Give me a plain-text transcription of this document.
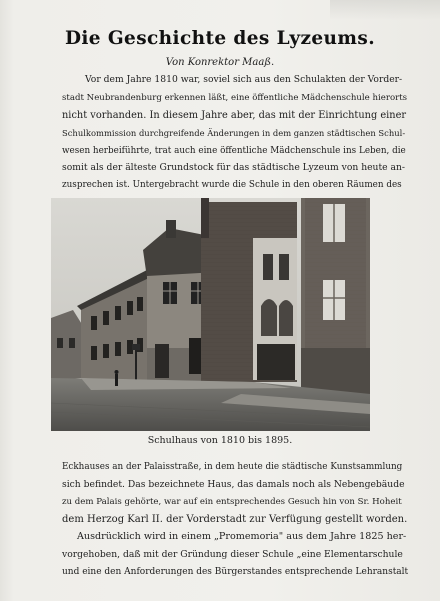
Die Geschichte des Lyzeums.
Von Konrektor Maaß.
Vor dem Jahre 1810 war, soviel sich aus den Schulakten der Vorder-
stadt Neubrandenburg erkennen läßt, eine öffentliche Mädchenschule hierorts
nicht vorhanden. In diesem Jahre aber, das mit der Einrichtung einer
Schulkommission durchgreifende Änderungen in dem ganzen städtischen Schul-
wesen herbeiführte, trat auch eine öffentliche Mädchenschule ins Leben, die
somit als der älteste Grundstock für das städtische Lyzeum von heute an-
zusprechen ist. Untergebracht wurde die Schule in den oberen Räumen des
Schulhaus von 1810 bis 1895.
Eckhauses an der Palaisstraße, in dem heute die städtische Kunstsammlung
sich befindet. Das bezeichnete Haus, das damals noch als Nebengebäude
zu dem Palais gehörte, war auf ein entsprechendes Gesuch hin von Sr. Hoheit
dem Herzog Karl II. der Vorderstadt zur Verfügung gestellt worden.
Ausdrücklich wird in einem „Promemoria" aus dem Jahre 1825 her-
vorgehoben, daß mit der Gründung dieser Schule „eine Elementarschule
und eine den Anforderungen des Bürgerstandes entsprechende Lehranstalt
